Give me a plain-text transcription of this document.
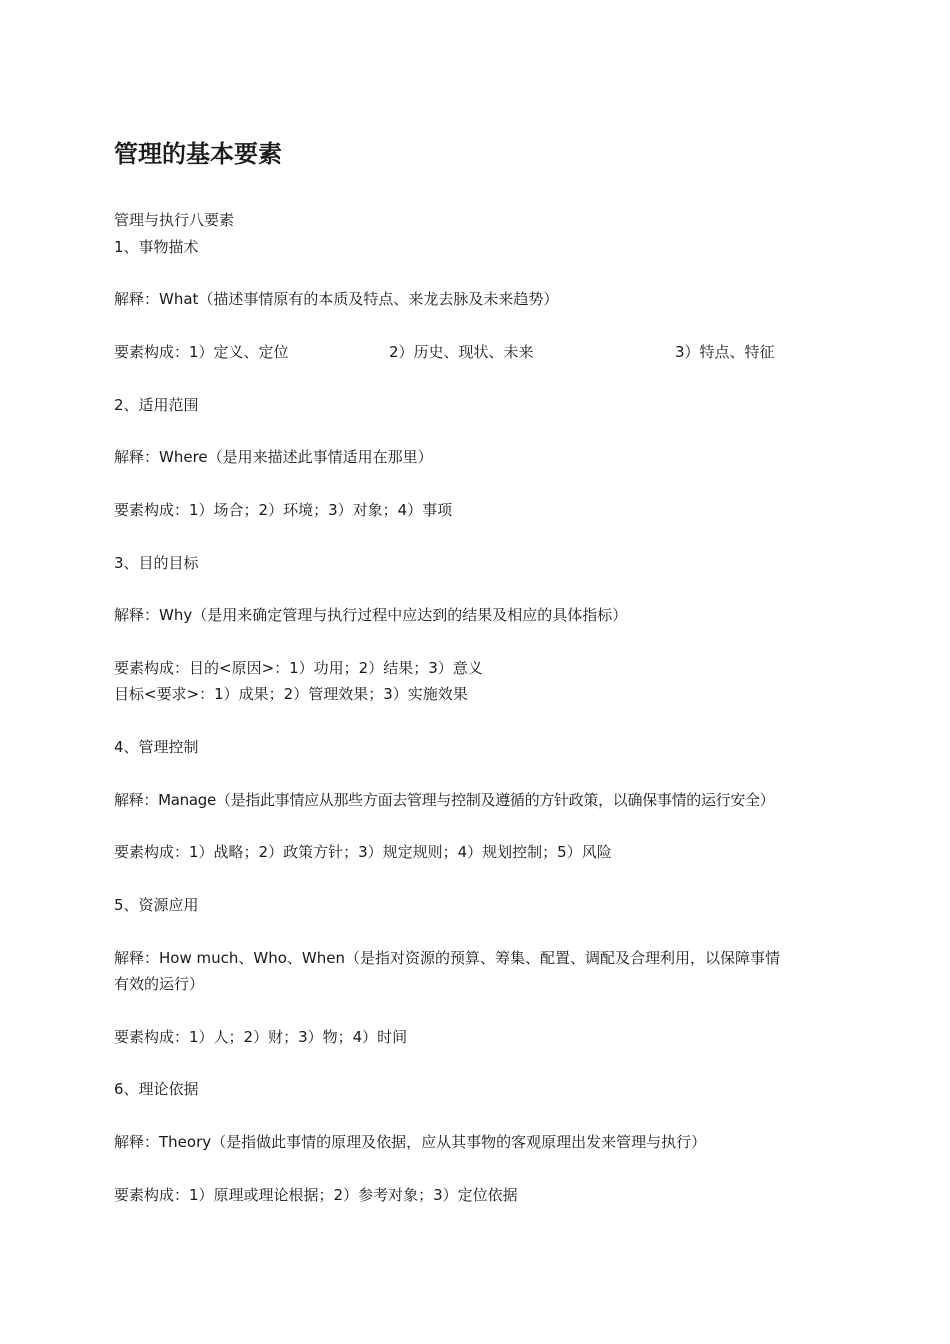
管理的基本要素
管理与执行八要素
1、事物描术
解释：What（描述事情原有的本质及特点、来龙去脉及未来趋势）
要素构成：1）定义、定位	2）历史、现状、未来	3）特点、特征
2、适用范围
解释：Where（是用来描述此事情适用在那里）
要素构成：1）场合；2）环境；3）对象；4）事项
3、目的目标
解释：Why（是用来确定管理与执行过程中应达到的结果及相应的具体指标）
要素构成：目的<原因>：1）功用；2）结果；3）意义
目标<要求>：1）成果；2）管理效果；3）实施效果
4、管理控制
解释：Manage（是指此事情应从那些方面去管理与控制及遵循的方针政策，以确保事情的运行安全）
要素构成：1）战略；2）政策方针；3）规定规则；4）规划控制；5）风险
5、资源应用
解释：How much、Who、When（是指对资源的预算、筹集、配置、调配及合理利用，以保障事情
有效的运行）
要素构成：1）人；2）财；3）物；4）时间
6、理论依据
解释：Theory（是指做此事情的原理及依据，应从其事物的客观原理出发来管理与执行）
要素构成：1）原理或理论根据；2）参考对象；3）定位依据
